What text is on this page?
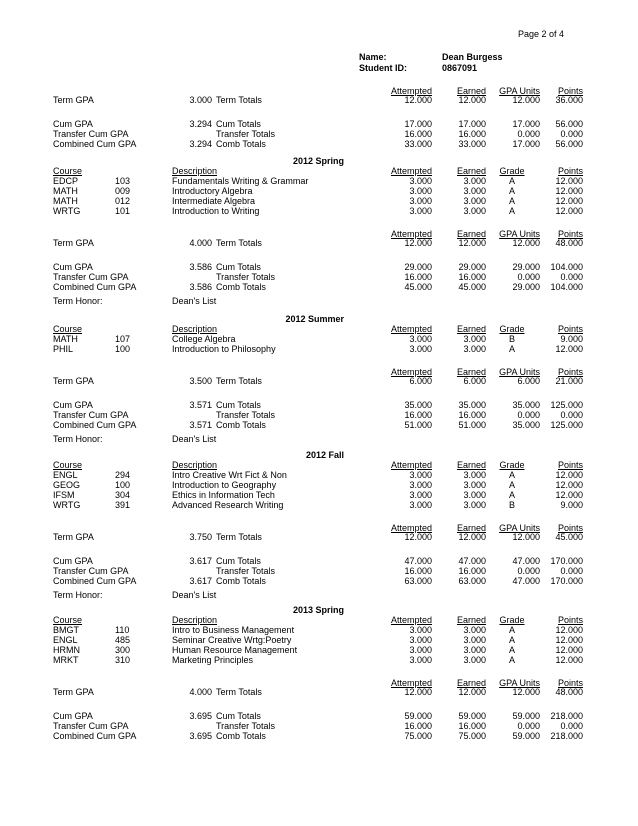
Page 2 of 4
Name:	Dean Burgess
Student ID:	0867091
Attempted	Earned GPA Units Points
Term GPA	3.000 Term Totals	12.000	12.000	12.000 36.000
Cum GPA	3.294 Cum Totals	17.000	17.000	17.000 56.000
Transfer Cum GPA	Transfer Totals	16.000	16.000	0.000 0.000
Combined Cum GPA	3.294 Comb Totals	33.000	33.000	17.000 56.000
2012 Spring
Course	Description	Attempted	Earned	Grade	Points
EDCP	103	Fundamentals Writing & Grammar	3.000	3.000	A	12.000
MATH	009	Introductory Algebra	3.000	3.000	A	12.000
MATH	012	Intermediate Algebra	3.000	3.000	A	12.000
WRTG	101	Introduction to Writing	3.000	3.000	A	12.000
Attempted	Earned GPA Units Points
Term GPA	4.000 Term Totals	12.000	12.000	12.000 48.000
Cum GPA	3.586 Cum Totals	29.000	29.000	29.000 104.000
Transfer Cum GPA	Transfer Totals	16.000	16.000	0.000 0.000
Combined Cum GPA	3.586 Comb Totals	45.000	45.000	29.000 104.000
Term Honor:	Dean's List
2012 Summer
Course	Description	Attempted	Earned	Grade	Points
MATH	107	College Algebra	3.000	3.000	B	9.000
PHIL	100	Introduction to Philosophy	3.000	3.000	A	12.000
Attempted	Earned GPA Units Points
Term GPA	3.500 Term Totals	6.000	6.000	6.000 21.000
Cum GPA	3.571 Cum Totals	35.000	35.000	35.000 125.000
Transfer Cum GPA	Transfer Totals	16.000	16.000	0.000 0.000
Combined Cum GPA	3.571 Comb Totals	51.000	51.000	35.000 125.000
Term Honor:	Dean's List
2012 Fall
Course	Description	Attempted	Earned	Grade	Points
ENGL	294	Intro Creative Wrt Fict & Non	3.000	3.000	A	12.000
GEOG	100	Introduction to Geography	3.000	3.000	A	12.000
IFSM	304	Ethics in Information Tech	3.000	3.000	A	12.000
WRTG	391	Advanced Research Writing	3.000	3.000	B	9.000
Attempted	Earned GPA Units Points
Term GPA	3.750 Term Totals	12.000	12.000	12.000 45.000
Cum GPA	3.617 Cum Totals	47.000	47.000	47.000 170.000
Transfer Cum GPA	Transfer Totals	16.000	16.000	0.000 0.000
Combined Cum GPA	3.617 Comb Totals	63.000	63.000	47.000 170.000
Term Honor:	Dean's List
2013 Spring
Course	Description	Attempted	Earned	Grade	Points
BMGT	110	Intro to Business Management	3.000	3.000	A	12.000
ENGL	485	Seminar Creative Wrtg:Poetry	3.000	3.000	A	12.000
HRMN	300	Human Resource Management	3.000	3.000	A	12.000
MRKT	310	Marketing Principles	3.000	3.000	A	12.000
Attempted	Earned GPA Units Points
Term GPA	4.000 Term Totals	12.000	12.000	12.000 48.000
Cum GPA	3.695 Cum Totals	59.000	59.000	59.000 218.000
Transfer Cum GPA	Transfer Totals	16.000	16.000	0.000 0.000
Combined Cum GPA	3.695 Comb Totals	75.000	75.000	59.000 218.000
